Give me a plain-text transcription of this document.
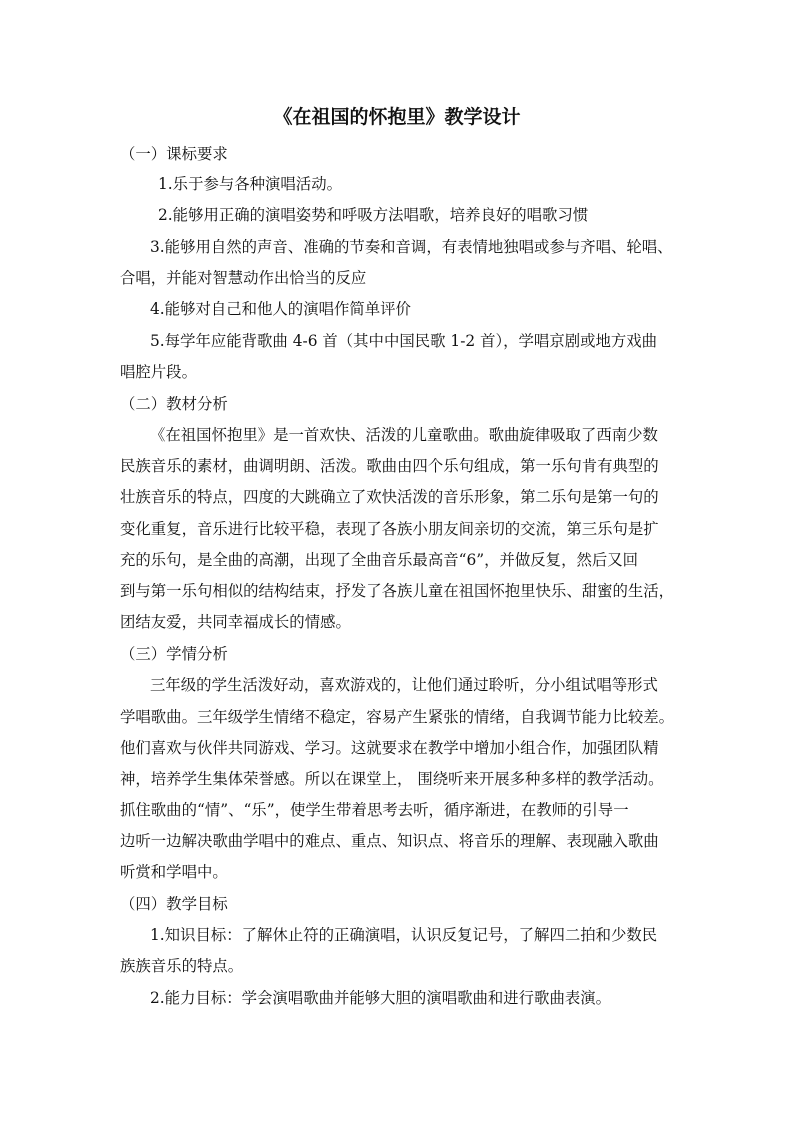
《在祖国的怀抱里》教学设计
（一）课标要求
1.乐于参与各种演唱活动。
2.能够用正确的演唱姿势和呼吸方法唱歌，培养良好的唱歌习惯
3.能够用自然的声音、准确的节奏和音调，有表情地独唱或参与齐唱、轮唱、
合唱，并能对智慧动作出恰当的反应
4.能够对自己和他人的演唱作简单评价
5.每学年应能背歌曲 4-6 首（其中中国民歌 1-2 首），学唱京剧或地方戏曲
唱腔片段。
（二）教材分析
《在祖国怀抱里》是一首欢快、活泼的儿童歌曲。歌曲旋律吸取了西南少数
民族音乐的素材，曲调明朗、活泼。歌曲由四个乐句组成，第一乐句肯有典型的
壮族音乐的特点，四度的大跳确立了欢快活泼的音乐形象，第二乐句是第一句的
变化重复，音乐进行比较平稳，表现了各族小朋友间亲切的交流，第三乐句是扩
充的乐句，是全曲的高潮，出现了全曲音乐最高音“6”，并做反复，然后又回
到与第一乐句相似的结构结束，抒发了各族儿童在祖国怀抱里快乐、甜蜜的生活，
团结友爱，共同幸福成长的情感。
（三）学情分析
三年级的学生活泼好动，喜欢游戏的，让他们通过聆听，分小组试唱等形式
学唱歌曲。三年级学生情绪不稳定，容易产生紧张的情绪，自我调节能力比较差。
他们喜欢与伙伴共同游戏、学习。这就要求在教学中增加小组合作，加强团队精
神，培养学生集体荣誉感。所以在课堂上， 围绕听来开展多种多样的教学活动。
抓住歌曲的“情”、“乐”，使学生带着思考去听，循序渐进，在教师的引导一
边听一边解决歌曲学唱中的难点、重点、知识点、将音乐的理解、表现融入歌曲
听赏和学唱中。
（四）教学目标
1.知识目标：了解休止符的正确演唱，认识反复记号，了解四二拍和少数民
族族音乐的特点。
2.能力目标：学会演唱歌曲并能够大胆的演唱歌曲和进行歌曲表演。
